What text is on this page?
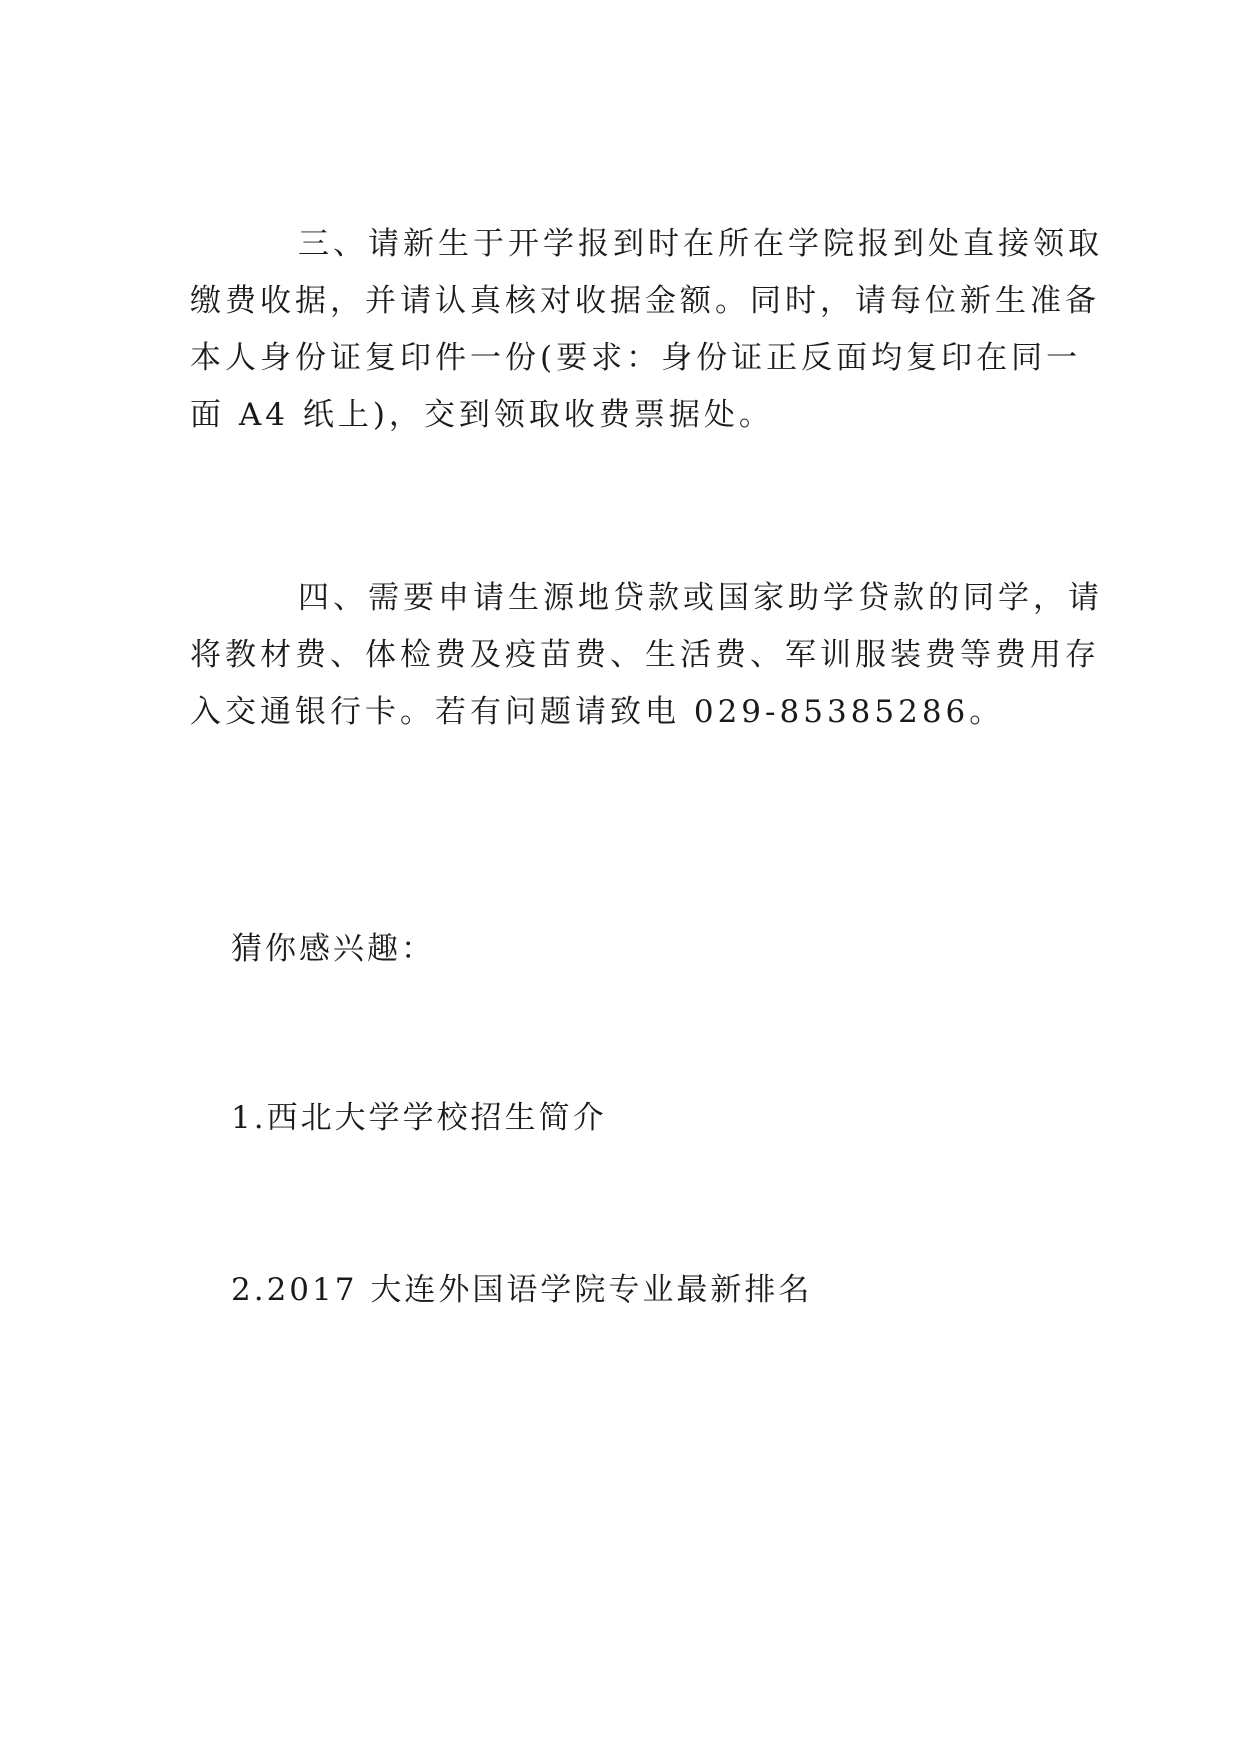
三、请新生于开学报到时在所在学院报到处直接领取
缴费收据，并请认真核对收据金额。同时，请每位新生准备
本人身份证复印件一份(要求：身份证正反面均复印在同一
面 A4 纸上)，交到领取收费票据处。

四、需要申请生源地贷款或国家助学贷款的同学，请
将教材费、体检费及疫苗费、生活费、军训服装费等费用存
入交通银行卡。若有问题请致电 029-85385286。

猜你感兴趣：

1.西北大学学校招生简介

2.2017 大连外国语学院专业最新排名
